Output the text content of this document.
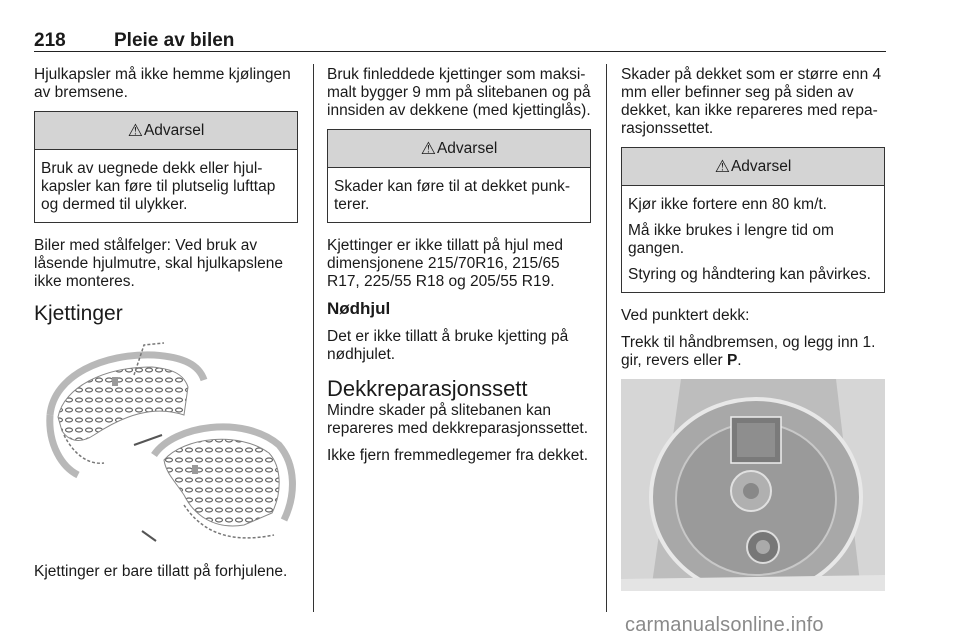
218	Pleie av bilen

Hjulkapsler må ikke hemme kjølingen av bremsene.

⚠ Advarsel

Bruk av uegnede dekk eller hjulkapsler kan føre til plutselig lufttap og dermed til ulykker.

Biler med stålfelger: Ved bruk av låsende hjulmutre, skal hjulkapslene ikke monteres.

Kjettinger

Kjettinger er bare tillatt på forhjulene.

Bruk finleddede kjettinger som maksimalt bygger 9 mm på slitebanen og på innsiden av dekkene (med kjettinglås).

⚠ Advarsel

Skader kan føre til at dekket punkterer.

Kjettinger er ikke tillatt på hjul med dimensjonene 215/70R16, 215/65 R17, 225/55 R18 og 205/55 R19.

Nødhjul

Det er ikke tillatt å bruke kjetting på nødhjulet.

Dekkreparasjonssett

Mindre skader på slitebanen kan repareres med dekkreparasjonssettet.

Ikke fjern fremmedlegemer fra dekket.

Skader på dekket som er større enn 4 mm eller befinner seg på siden av dekket, kan ikke repareres med reparasjonssettet.

⚠ Advarsel

Kjør ikke fortere enn 80 km/t.

Må ikke brukes i lengre tid om gangen.

Styring og håndtering kan påvirkes.

Ved punktert dekk:

Trekk til håndbremsen, og legg inn 1. gir, revers eller P.

carmanualsonline.info
